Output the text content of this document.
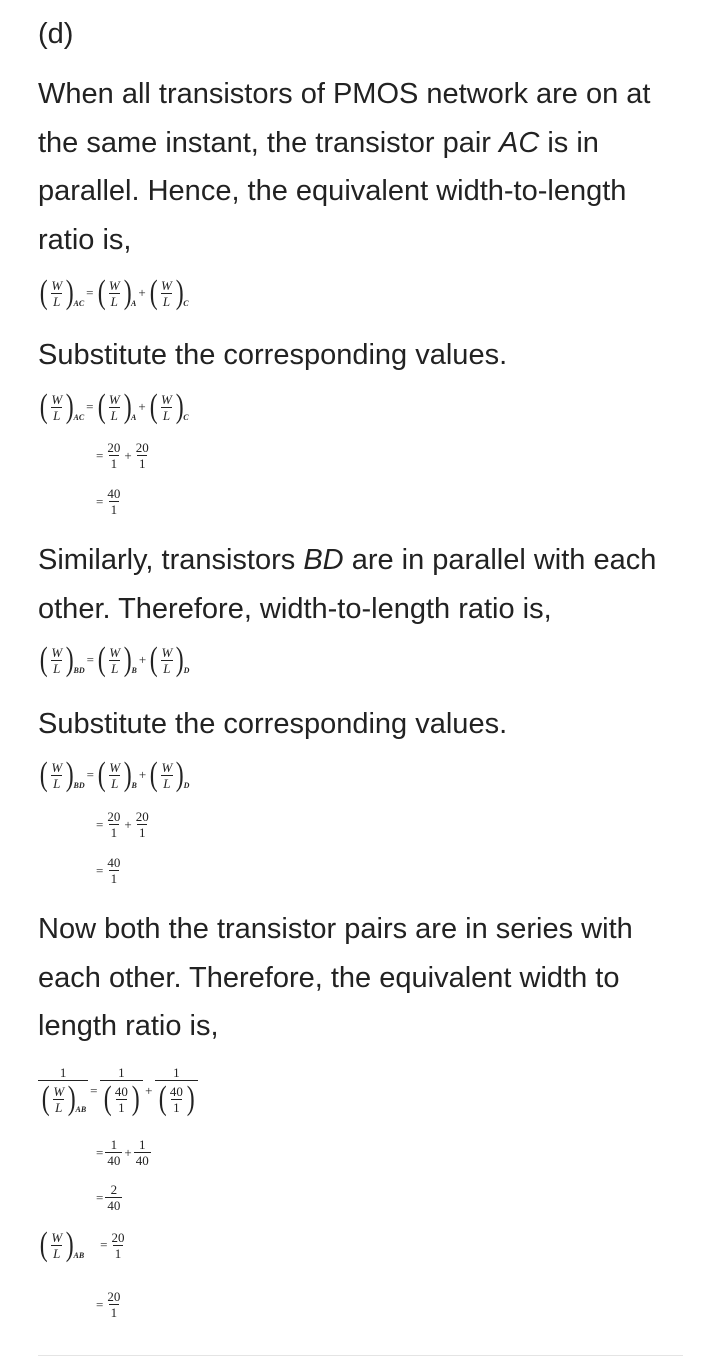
(d)

When all transistors of PMOS network are on at the same instant, the transistor pair AC is in parallel. Hence, the equivalent width-to-length ratio is,

( $\frac{W}{L}$ ) AC
= ( $\frac{W}{L}$ ) A
+ ( $\frac{W}{L}$ ) C

Substitute the corresponding values.

( $\frac{W}{L}$ ) AC
= ( $\frac{W}{L}$ ) A
+ ( $\frac{W}{L}$ ) C
= $\frac{20}{1} + \frac{20}{1}$
= $\frac{40}{1}$

Similarly, transistors BD are in parallel with each other. Therefore, width-to-length ratio is,

( $\frac{W}{L}$ ) BD
= ( $\frac{W}{L}$ ) B
+ ( $\frac{W}{L}$ ) D

Substitute the corresponding values.

( $\frac{W}{L}$ ) BD
= ( $\frac{W}{L}$ ) B
+ ( $\frac{W}{L}$ ) D
= $\frac{20}{1} + \frac{20}{1}$
= $\frac{40}{1}$

Now both the transistor pairs are in series with each other. Therefore, the equivalent width to length ratio is,

$\frac{1}{( \frac{W}{L} ) AB} = \frac{1}{( \frac{40}{1} )} + \frac{1}{( \frac{40}{1} )}$
= $\frac{1}{40} + \frac{1}{40}$
= $\frac{2}{40}$
( $\frac{W}{L}$ ) AB
= $\frac{20}{1}$
= $\frac{20}{1}$
